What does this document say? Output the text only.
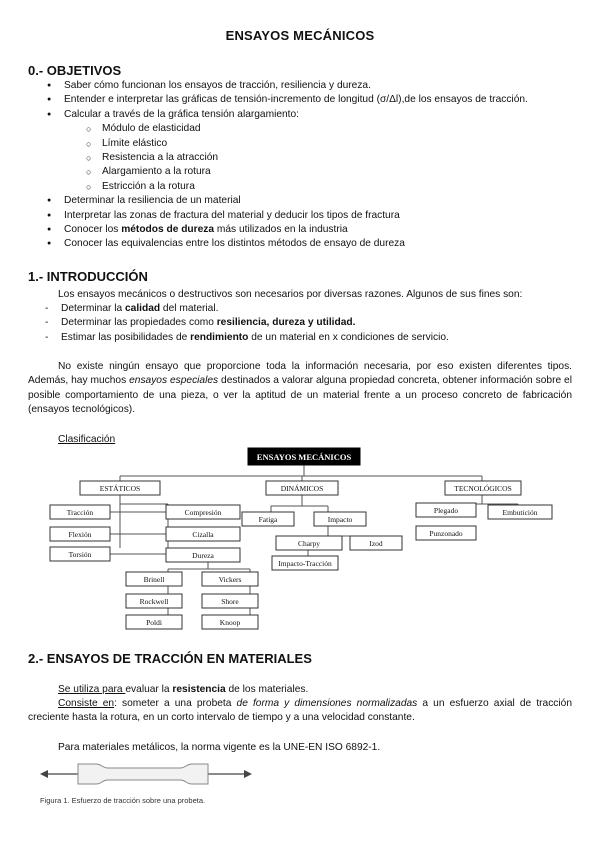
ENSAYOS MECÁNICOS
0.- OBJETIVOS
● Saber cómo funcionan los ensayos de tracción, resiliencia y dureza.
● Entender e interpretar las gráficas de tensión-incremento de longitud (σ/Δl),de los ensayos de tracción.
● Calcular a través de la gráfica tensión alargamiento:
○ Módulo de elasticidad
○ Límite elástico
○ Resistencia a la atracción
○ Alargamiento a la rotura
○ Estricción a la rotura
● Determinar la resiliencia de un material
● Interpretar las zonas de fractura del material y deducir los tipos de fractura
● Conocer los métodos de dureza más utilizados en la industria
● Conocer las equivalencias entre los distintos métodos de ensayo de dureza
1.- INTRODUCCIÓN
Los ensayos mecánicos o destructivos son necesarios por diversas razones. Algunos de sus fines son:
- Determinar la calidad del material.
- Determinar las propiedades como resiliencia, dureza y utilidad.
- Estimar las posibilidades de rendimiento de un material en x condiciones de servicio.
No existe ningún ensayo que proporcione toda la información necesaria, por eso existen diferentes tipos. Además, hay muchos ensayos especiales destinados a valorar alguna propiedad concreta, obtener información sobre el posible comportamiento de una pieza, o ver la aptitud de un material frente a un proceso concreto de fabricación (ensayos tecnológicos).
Clasificación
ENSAYOS MECÁNICOS
ESTÁTICOS	DINÁMICOS	TECNOLÓGICOS
Tracción
Flexión
Torsión
Compresión
Cizalla
Dureza
Brinell	Vickers
Rockwell	Shore
Poldi	Knoop
Fatiga	Impacto
Charpy	Izod
Impacto-Tracción
Plegado	Embutición
Punzonado
2.- ENSAYOS DE TRACCIÓN EN MATERIALES
Se utiliza para evaluar la resistencia de los materiales.
Consiste en: someter a una probeta de forma y dimensiones normalizadas a un esfuerzo axial de tracción creciente hasta la rotura, en un corto intervalo de tiempo y a una velocidad constante.
Para materiales metálicos, la norma vigente es la UNE-EN ISO 6892-1.
Figura 1. Esfuerzo de tracción sobre una probeta.
